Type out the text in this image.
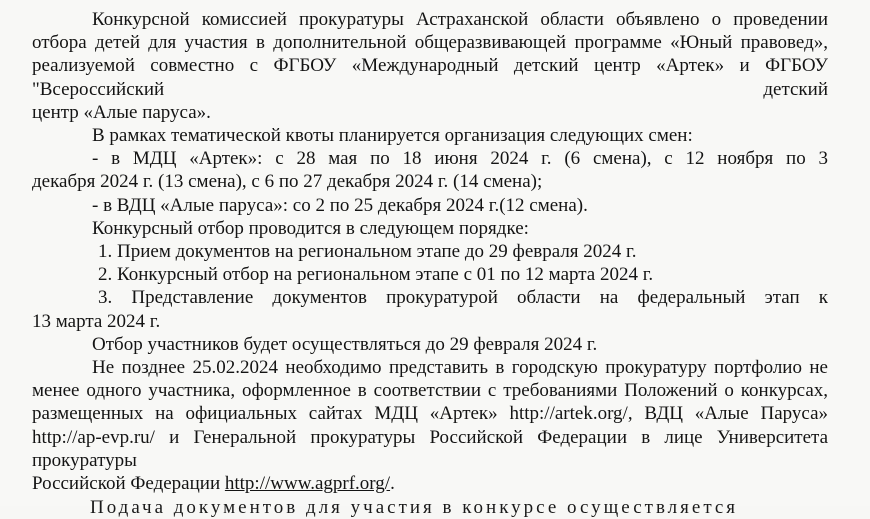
Конкурсной комиссией прокуратуры Астраханской области объявлено о проведении отбора детей для участия в дополнительной общеразвивающей программе «Юный правовед», реализуемой совместно с ФГБОУ «Международный детский центр «Артек» и ФГБОУ "Всероссийский детский
центр «Алые паруса».
В рамках тематической квоты планируется организация следующих смен:
- в МДЦ «Артек»: с 28 мая по 18 июня 2024 г. (6 смена), с 12 ноября по 3
декабря 2024 г. (13 смена), с 6 по 27 декабря 2024 г. (14 смена);
- в ВДЦ «Алые паруса»: со 2 по 25 декабря 2024 г.(12 смена).
Конкурсный отбор проводится в следующем порядке:
1. Прием документов на региональном этапе до 29 февраля 2024 г.
2. Конкурсный отбор на региональном этапе с 01 по 12 марта 2024 г.
3. Представление документов прокуратурой области на федеральный этап к
13 марта 2024 г.
Отбор участников будет осуществляться до 29 февраля 2024 г.
Не позднее 25.02.2024 необходимо представить в городскую прокуратуру портфолио не менее одного участника, оформленное в соответствии с требованиями Положений о конкурсах, размещенных на официальных сайтах МДЦ «Артек» http://artek.org/, ВДЦ «Алые Паруса» http://ap-evp.ru/ и Генеральной прокуратуры Российской Федерации в лице Университета прокуратуры
Российской Федерации http://www.agprf.org/.
Подача документов для участия в конкурсе осуществляется
